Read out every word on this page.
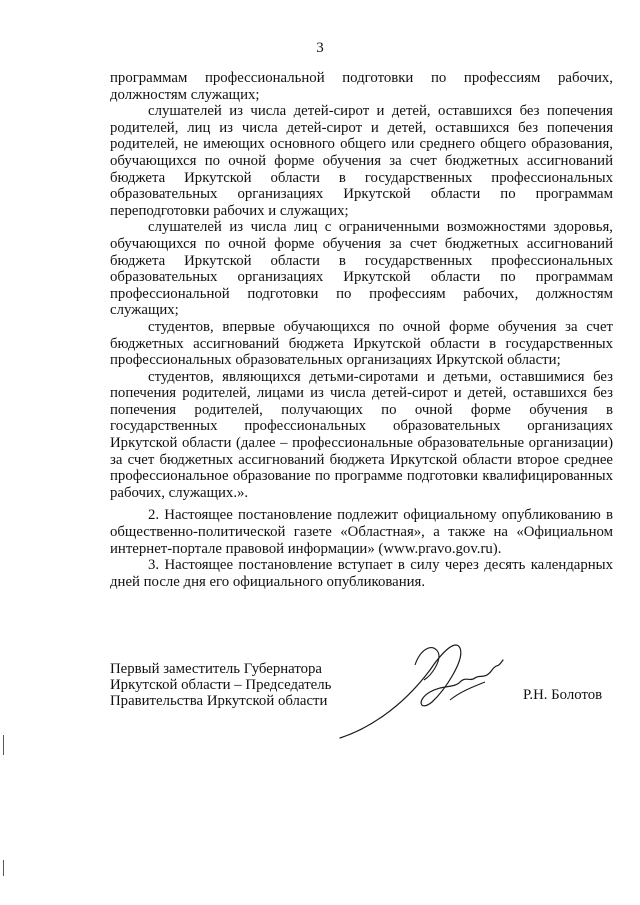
3

программам профессиональной подготовки по профессиям рабочих, должностям служащих;

слушателей из числа детей-сирот и детей, оставшихся без попечения родителей, лиц из числа детей-сирот и детей, оставшихся без попечения родителей, не имеющих основного общего или среднего общего образования, обучающихся по очной форме обучения за счет бюджетных ассигнований бюджета Иркутской области в государственных профессиональных образовательных организациях Иркутской области по программам переподготовки рабочих и служащих;

слушателей из числа лиц с ограниченными возможностями здоровья, обучающихся по очной форме обучения за счет бюджетных ассигнований бюджета Иркутской области в государственных профессиональных образовательных организациях Иркутской области по программам профессиональной подготовки по профессиям рабочих, должностям служащих;

студентов, впервые обучающихся по очной форме обучения за счет бюджетных ассигнований бюджета Иркутской области в государственных профессиональных образовательных организациях Иркутской области;

студентов, являющихся детьми-сиротами и детьми, оставшимися без попечения родителей, лицами из числа детей-сирот и детей, оставшихся без попечения родителей, получающих по очной форме обучения в государственных профессиональных образовательных организациях Иркутской области (далее – профессиональные образовательные организации) за счет бюджетных ассигнований бюджета Иркутской области второе среднее профессиональное образование по программе подготовки квалифицированных рабочих, служащих.».

2. Настоящее постановление подлежит официальному опубликованию в общественно-политической газете «Областная», а также на «Официальном интернет-портале правовой информации» (www.pravo.gov.ru).

3. Настоящее постановление вступает в силу через десять календарных дней после дня его официального опубликования.

Первый заместитель Губернатора
Иркутской области – Председатель
Правительства Иркутской области	Р.Н. Болотов
